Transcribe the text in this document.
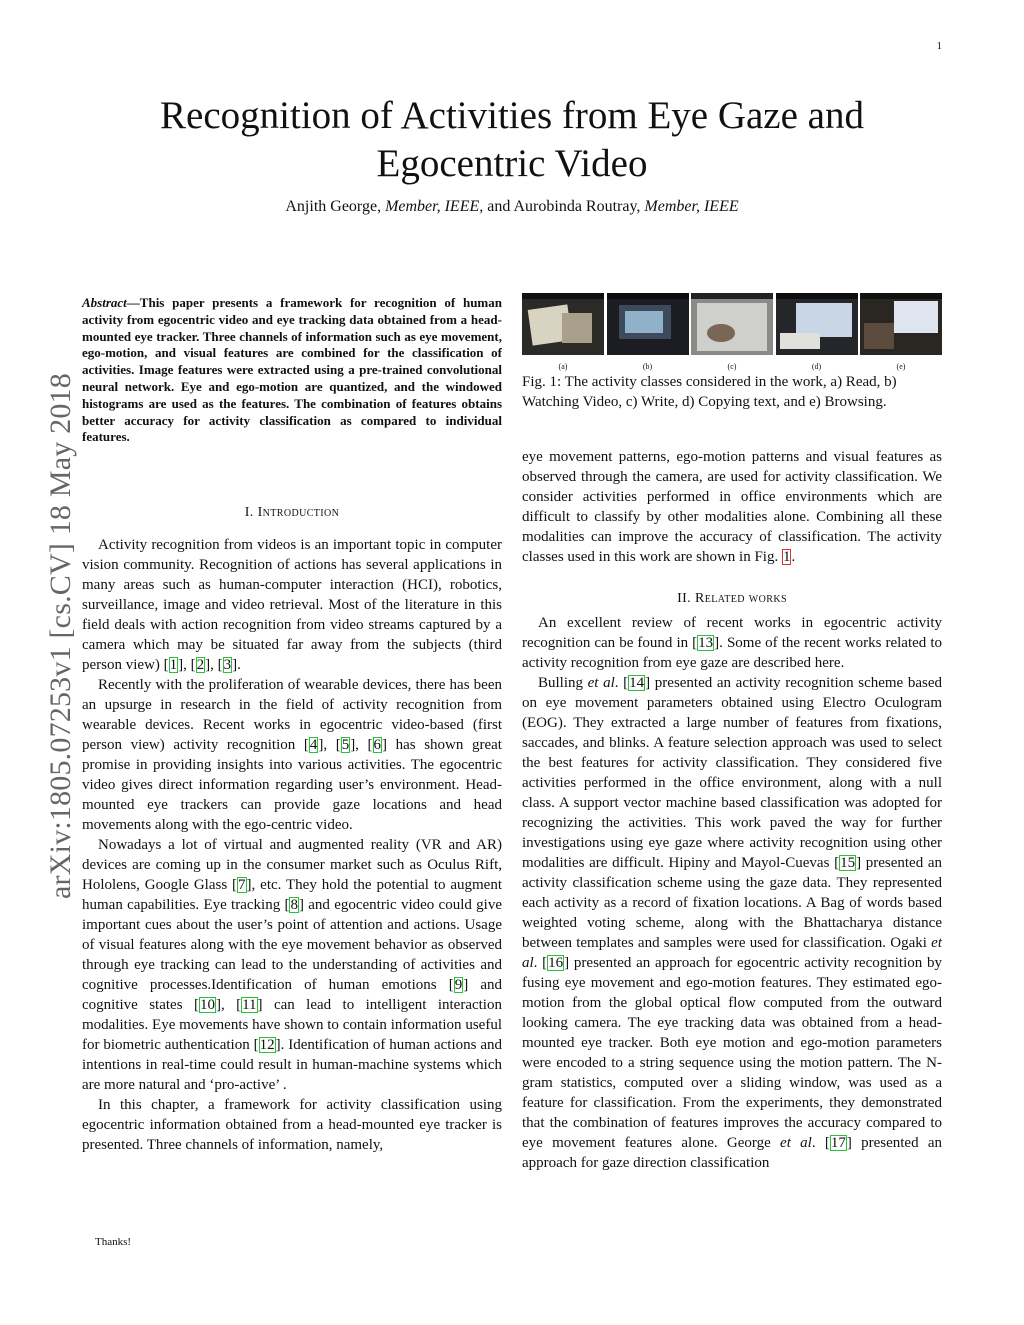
1
arXiv:1805.07253v1 [cs.CV] 18 May 2018
Recognition of Activities from Eye Gaze and
Egocentric Video
Anjith George, Member, IEEE, and Aurobinda Routray, Member, IEEE
Abstract—This paper presents a framework for recognition of human activity from egocentric video and eye tracking data obtained from a head-mounted eye tracker. Three channels of information such as eye movement, ego-motion, and visual features are combined for the classification of activities. Image features were extracted using a pre-trained convolutional neural network. Eye and ego-motion are quantized, and the windowed histograms are used as the features. The combination of features obtains better accuracy for activity classification as compared to individual features.
I. Introduction

Activity recognition from videos is an important topic in computer vision community. Recognition of actions has several applications in many areas such as human-computer interaction (HCI), robotics, surveillance, image and video retrieval. Most of the literature in this field deals with action recognition from video streams captured by a camera which may be situated far away from the subjects (third person view) [1], [2], [3].

Recently with the proliferation of wearable devices, there has been an upsurge in research in the field of activity recognition from wearable devices. Recent works in egocentric video-based (first person view) activity recognition [4], [5], [6] has shown great promise in providing insights into various activities. The egocentric video gives direct information regarding user’s environment. Head-mounted eye trackers can provide gaze locations and head movements along with the ego-centric video.

Nowadays a lot of virtual and augmented reality (VR and AR) devices are coming up in the consumer market such as Oculus Rift, Hololens, Google Glass [7], etc. They hold the potential to augment human capabilities. Eye tracking [8] and egocentric video could give important cues about the user’s point of attention and actions. Usage of visual features along with the eye movement behavior as observed through eye tracking can lead to the understanding of activities and cognitive processes.Identification of human emotions [9] and cognitive states [10], [11] can lead to intelligent interaction modalities. Eye movements have shown to contain information useful for biometric authentication [12]. Identification of human actions and intentions in real-time could result in human-machine systems which are more natural and ‘pro-active’ .

In this chapter, a framework for activity classification using egocentric information obtained from a head-mounted eye tracker is presented. Three channels of information, namely,

(a)	(b)	(c)	(d)	(e)
Fig. 1: The activity classes considered in the work, a) Read, b) Watching Video, c) Write, d) Copying text, and e) Browsing.

eye movement patterns, ego-motion patterns and visual features as observed through the camera, are used for activity classification. We consider activities performed in office environments which are difficult to classify by other modalities alone. Combining all these modalities can improve the accuracy of classification. The activity classes used in this work are shown in Fig. 1.

II. Related works

An excellent review of recent works in egocentric activity recognition can be found in [13]. Some of the recent works related to activity recognition from eye gaze are described here.

Bulling et al. [14] presented an activity recognition scheme based on eye movement parameters obtained using Electro Oculogram (EOG). They extracted a large number of features from fixations, saccades, and blinks. A feature selection approach was used to select the best features for activity classification. They considered five activities performed in the office environment, along with a null class. A support vector machine based classification was adopted for recognizing the activities. This work paved the way for further investigations using eye gaze where activity recognition using other modalities are difficult. Hipiny and Mayol-Cuevas [15] presented an activity classification scheme using the gaze data. They represented each activity as a record of fixation locations. A Bag of words based weighted voting scheme, along with the Bhattacharya distance between templates and samples were used for classification. Ogaki et al. [16] presented an approach for egocentric activity recognition by fusing eye movement and ego-motion features. They estimated ego-motion from the global optical flow computed from the outward looking camera. The eye tracking data was obtained from a head-mounted eye tracker. Both eye motion and ego-motion parameters were encoded to a string sequence using the motion pattern. The N-gram statistics, computed over a sliding window, was used as a feature for classification. From the experiments, they demonstrated that the combination of features improves the accuracy compared to eye movement features alone. George et al. [17] presented an approach for gaze direction classification

Thanks!
